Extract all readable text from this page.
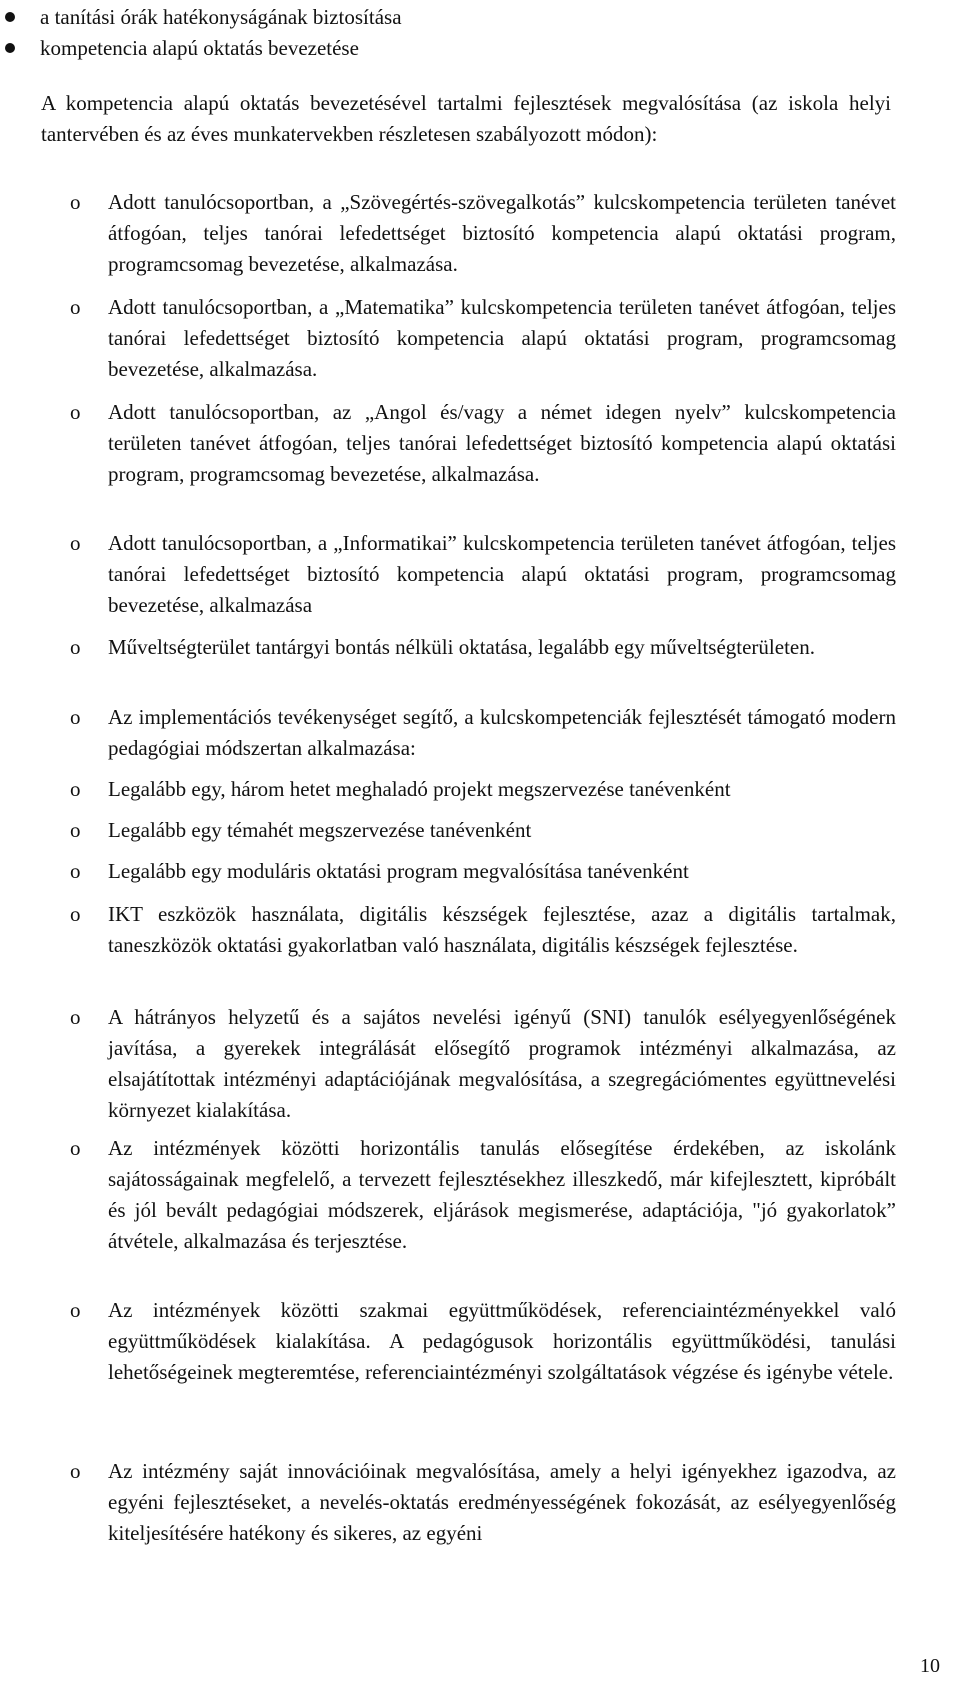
a tanítási órák hatékonyságának biztosítása
kompetencia alapú oktatás bevezetése
A kompetencia alapú oktatás bevezetésével tartalmi fejlesztések megvalósítása (az iskola helyi tantervében és az éves munkatervekben részletesen szabályozott módon):
o	Adott tanulócsoportban, a „Szövegértés-szövegalkotás” kulcskompetencia területen tanévet átfogóan, teljes tanórai lefedettséget biztosító kompetencia alapú oktatási program, programcsomag bevezetése, alkalmazása.
o	Adott tanulócsoportban, a „Matematika” kulcskompetencia területen tanévet átfogóan, teljes tanórai lefedettséget biztosító kompetencia alapú oktatási program, programcsomag bevezetése, alkalmazása.
o	Adott tanulócsoportban, az „Angol és/vagy a német idegen nyelv” kulcskompetencia területen tanévet átfogóan, teljes tanórai lefedettséget biztosító kompetencia alapú oktatási program, programcsomag bevezetése, alkalmazása.
o	Adott tanulócsoportban, a „Informatikai” kulcskompetencia területen tanévet átfogóan, teljes tanórai lefedettséget biztosító kompetencia alapú oktatási program, programcsomag bevezetése, alkalmazása
o	Műveltségterület tantárgyi bontás nélküli oktatása, legalább egy műveltségterületen.
o	Az implementációs tevékenységet segítő, a kulcskompetenciák fejlesztését támogató modern pedagógiai módszertan alkalmazása:
o	Legalább egy, három hetet meghaladó projekt megszervezése tanévenként
o	Legalább egy témahét megszervezése tanévenként
o	Legalább egy moduláris oktatási program megvalósítása tanévenként
o	IKT eszközök használata, digitális készségek fejlesztése, azaz a digitális tartalmak, taneszközök oktatási gyakorlatban való használata, digitális készségek fejlesztése.
o	A hátrányos helyzetű és a sajátos nevelési igényű (SNI) tanulók esélyegyenlőségének javítása, a gyerekek integrálását elősegítő programok intézményi alkalmazása, az elsajátítottak intézményi adaptációjának megvalósítása, a szegregációmentes együttnevelési környezet kialakítása.
o	Az intézmények közötti horizontális tanulás elősegítése érdekében, az iskolánk sajátosságainak megfelelő, a tervezett fejlesztésekhez illeszkedő, már kifejlesztett, kipróbált és jól bevált pedagógiai módszerek, eljárások megismerése, adaptációja, "jó gyakorlatok” átvétele, alkalmazása és terjesztése.
o	Az intézmények közötti szakmai együttműködések, referenciaintézményekkel való együttműködések kialakítása. A pedagógusok horizontális együttműködési, tanulási lehetőségeinek megteremtése, referenciaintézményi szolgáltatások végzése és igénybe vétele.
o	Az intézmény saját innovációinak megvalósítása, amely a helyi igényekhez igazodva, az egyéni fejlesztéseket, a nevelés-oktatás eredményességének fokozását, az esélyegyenlőség kiteljesítésére hatékony és sikeres, az egyéni
10
